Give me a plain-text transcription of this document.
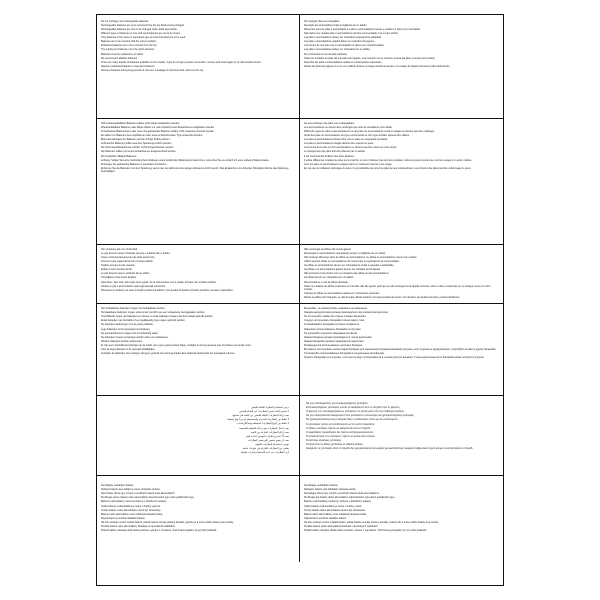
Do not recharge non-rechargeable batteries.

Rechargeable batteries are to be removed from the toy before being charged.

Rechargeable batteries are only to be charged under adult supervision.

Different types of batteries or new and used batteries are not to be mixed.

Only batteries of the same or equivalent type as recommended are to be used.

Batteries are to be inserted with the correct polarity.

Exhausted batteries are to be removed from the toy.

The supply terminals are not to be short-circuited.

Batteries must be replaced by an adult.

We recommend alkaline batteries.

There are many brands of batteries available on the market, if you do not get a proper connection, remove and insert again or try with another brand.

Dispose exhausted batteries in special containers.

Remove batteries during long periods of non-use. A leakage of corrosive fluid could ruin the toy.

No recargar pilas no recargables.

Recargar las acumuladores bajo la vigilancia de un adulto.

Diferentes tipos de pilas o acumuladores o pilas o acumuladores nuevos y usados no deben ser mezclados.

Sólo deben ser usadas pilas o acumuladores del tipo recomendado o de un tipo similar.

Las pilas o acumuladores deben ser colocados respetando la polaridad.

Las pilas y acumuladores usados deben ser retirados del juguete.

Los bornes de una pila o de un acumulador no deben ser cortocircuitados.

Las pilas o acumuladores deben ser colocados por un adulto.

Se recomienda el uso de pilas alcalinas.

Todos los modelos de pilas del mercado son iguales, si la conexión no es correcta, mueva las pilas o pruebe otro modelo.

Desechar las pilas o acumuladores usados en contenedores especiales.

Retirar las pilas del juguete si no se va a utilizar durante un largo periodo de tiempo. Un escape de líquido corrosivo podría deteriorarlo.

Nicht wiederaufladbare Batterien sollten nicht wieder aufgeladen werden.

Wiederaufladbare Batterien oder Akkus sollten nur unter Aufsicht eines Erwachsenen aufgeladen werden.

Verschiedene Batterietypen oder neue und gebrauchte Batterien sollten nicht zusammen benutzt werden.

Es sollten nur Batterien des empfohlenen oder eines entsprechenden Typs verwendet werden.

Bitte beim Einlegen der Batterien auf die richtige Polung achten.

Verbrauchte Batterien sollten aus dem Spielzeug entfernt werden.

Die Stromanschlüssklemmen dürfen nicht kurzgeschlossen werden.

Die Batterien sollten von einem Erwachsenen ausgewechselt werden.

Wir empfehlen Alkaline Batterien.

Achtung: Sollten Sie keine Verbindung beim Einlegen eines bestimmten Batterietyps bekommen, versuchen Sie es einfach mit einer anderen Batteriemarke.

Entsorgen Sie gebrauchte Batterien in speziellen Containern.

Entfernen Sie die Batterien von dem Spielzeug, wenn man sie während eines langen Zeitraums nicht benutzt. Das Entweichen von ätzender Flüssigkeit könnte das Spielzeug beschädigen.

Ne pas recharger des piles non rechargeables.

Les accumulateurs ne doivent être rechargés que sous la surveillance d'un adulte.

Différents types de piles ou accumulateurs ou des piles ou accumulateurs neufs et usagés ne doivent pas être mélangés.

Seuls des piles ou accumulateurs du type recommandé ou d'un type similaire doivent être utilisés.

Les piles et accumulateurs doivent être mis en place en respectant la polarité.

Les piles et accumulateurs usagés doivent être enlevés du jouet.

Les bornes d'une pile ou d'un accumulateur ne doivent pas être mises en court-circuit.

Le changement des piles doit être effectué par un adulte.

Il est recommandé d'utiliser des piles alcalines.

Il existe différentes modèles de piles sur le marché, si vous n'obtenez pas de bons résultats, retirez-les puis remettez-les, ou bien essayez un autre modèle.

Jeter les piles ou accumulateurs usagées dans un conteneur réservé à cet usage.

En cas de non utilisation prolongée du jouet, il est préférable de retirer les piles de leur compartiment. La corrosion des piles pourrait endommager le jouet.

Non ricaricare pile non ricaricabili.

Le pile devono essere ricaricate sempre e soltanto da un adulto.

Usare contemporaneamente pile dello stesso tipo.

Inserire le pile seguendo la loro corretta polarità.

Togliere sempre le pile esaurite.

Evitare il corto circuito dei fili.

Le pile devono essere sostituite da un adulto.

Consigliamo l'uso di pile alcaline.

Attenzione: Non tutti i tipi di pile sono uguali. Se la connessione non è esatta. Provare con un'altra modello.

Gettare le pile o accumulatori usati negli speciali contenitori.

Rimuovere le batterie nel caso di lunghi periodi di inutilizzo. Una perdita di liquido corrosivo potrebbe rovinare el giocattolo.

Não recarregar as pilhas não recarregáveis.

Recarregar os acumuladores respeitando sempre a vigilância de um adulto.

Não misturar diferentes tipos de pilhas ou acumuladores, ou pilhas ou acumuladores novos com usados.

Utilizar apenas pilhas ou acumuladores do mesmo tipo ou equivalente ao recomendado.

As pilhas ou acumuladores devem ser colocadas de modo a respeitar a polaridade.

As pilhas e os acumuladores gastos devem ser retirados do brinquedo.

Não provocar curto-circuito com os contactos das pilhas ou dos acumuladores.

As pilhas devem ser colocadas por um adulto.

Recomenda-se o uso de pilhas alcalinas.

Todos os modelos de pilhas existentes no mercado não são iguais, pelo que se não conseguir uma ligação correcta, retire e volte a colocá-las ou, se desejar, tente um outro modelo.

Coloque as pilhas ou acumuladores gastos em contentores especiais.

Retirar as pilhas do brinquedo, se não for para utilizar durante um longo período de tempo. Um derrame de líquido corrosivo, poderia danificá-lo.

Niet herlaadbare batterijen mogen niet herlaadbaar worden.

Herplaatsbare batterijen mogen enkel onder toezicht van een volwassene heropgeladen worden.

Verschillende types van batterijen en nieuwe en oude batterijen mogen niet door elkaar gebruikt worden.

Enkel batterijen van hetzelfde of een gelijkaardig type mogen gebruikt worden.

De batterijen aanbrengen met de juiste polariteit.

Lege batterijen uit het speelgoed verwijderen.

De aanvoerklemmen mogen niet in kortsluiting staan.

De batterijen moeten vervangen worden door een volwassene.

Alkaline batterijen worden aanbevolen.

Er zijn veel verschillende batterijen op de markt, als u geen goed contact krijgt, verwijder en breng opnieuw aan of probeer een ander merk.

Gooi de lege batterijen in de speciale afvalbakken.

Verwijder de batterijen als er langere tijd geen gebruik van wordt gemaakt. Een lekkende batterij kan het speelgoed ruïneren.

Батарейки - не аккумуляторы, взаряжать не запрещено.

Зарядка аккумуляторов должна производиться под присмотром взрослых.

Не используйте совместно старые и новые батарейки.

Следует использовать батарейки только одного типа.

Устанавливайте батарейки согласно полярности.

Извлеките использованные батарейки из игрушки.

Не допускайте короткого замыкания контактов.

Замена батареек должна производиться только взрослыми.

Замена батарейки должна производиться взрослым.

Рекомендуется использование щелочных батареек.

Вы можете использовать любые марки батареек для повышенного функционирования игрушки, если игрушка не функционирует, попробуйте вставить другие батарейки.

Утилизируйте использованные батарейки в специальных контейнерах.

Храните батарейки не в игрушке, если они не будут использоваться в течение долгого времени. Утечка едких веществ из батарейки может испортить игрушку.

يرجى استخدام البطارية القابلة للشحن

لا يسمح بإعادة شحن البطاريات غير القابلة للشحن

يجب إزالة البطاريات القابلة للشحن من اللعبة قبل شحنها

لا تخلط بين البطاريات الجديدة والمستعملة أو بين أنواع مختلفة

لا تخلط بين أنواع البطاريات المختلفة وفقاً للإرشادات

يجب إدخال البطاريات مع مراعاة القطبية الصحيحة

يجب إزالة البطاريات الفارغة من اللعبة

يجب ألا تتعرض أطراف التوصيل لدائرة قصر

يجب أن يقوم شخص بالغ بتغيير البطاريات

نوصي باستخدام البطاريات القلوية

تخلص من البطاريات الفارغة في حاويات خاصة

أزل البطاريات عند عدم الاستخدام لفترات طويلة

Να μην επαναφορτίζετε μη επαναφορτιζόμενες μπαταρίες.

Επαναφορτιζόμενες μπαταρίες πρέπει να αφαιρούνται από το παιχνίδι πριν τη φόρτιση.

Η φόρτιση των επαναφορτιζόμενων μπαταριών να γίνεται μόνο υπό την επίβλεψη ενηλίκου.

Να μην αναμιγνύονται διαφορετικοί τύποι μπαταριών ή καινούργιες και χρησιμοποιημένες μπαταρίες.

Να χρησιμοποιούνται μόνο μπαταρίες ίδιου ή ισοδύναμου τύπου με τον συνιστώμενο.

Οι μπαταρίες πρέπει να τοποθετούνται με τη σωστή πολικότητα.

Οι άδειες μπαταρίες πρέπει να αφαιρούνται από το παιχνίδι.

Οι ακροδέκτες τροφοδοσίας δεν πρέπει να βραχυκυκλώνονται.

Η αντικατάσταση των μπαταριών πρέπει να γίνεται από ενήλικα.

Συνιστούμε αλκαλικές μπαταρίες.

Απορρίπτετε τις άδειες μπαταρίες σε ειδικούς κάδους.

Αφαιρέστε τις μπαταρίες όταν το παιχνίδι δεν χρησιμοποιείται για μεγάλο χρονικό διάστημα. Διαρροή διαβρωτικού υγρού μπορεί να καταστρέψει το παιχνίδι.

Nenabíjejte nedobíjecí baterie.

Dobíjecí baterie jsou dobíjeny pouze dospělou osobou.

Nemíchejte různé typy nových a použitých baterií nebo akumulátorů.

Používejte pouze baterie nebo akumulátory doporučeného typu nebo podobného typu.

Baterie a akumulátory musí být vloženy s dodržením polarity.

Vybité baterie a akumulátory je nutné z hračky vyjmout.

Svorky baterie nebo akumulátoru nesmí být zkratovány.

Baterie nebo akumulátory musí instalovat dospělá osoba.

Doporučujeme používat alkalické baterie.

Na trhu existuje mnoho značek baterií, pokud baterie nemají správný kontakt, vyjměte je a znovu vložte baterie jiné značky.

Použité baterie nebo akumulátory likvidujte ve speciálních nádobách.

Pokud hračku nebudete delší dobu používat, vyjměte z ní baterie. Únik žíravé kapaliny by jej mohl poškodit.

Nenabíjajte nedobíjacie batérie.

Dobíjacie batérie pod dohľadom dospelej osoby.

Nemiešajte rôzne typy nových a použitých batérií alebo akumulátorov.

Používajte iba batérie alebo akumulátory odporúčaného typu alebo podobného typu.

Batérie a akumulátory musia byť vložené s dodržaním polarity.

Vybité batérie a akumulátory je nutné z hračky vybrať.

Svorky batérie alebo akumulátora nesmú byť skratované.

Batérie alebo akumulátory musí inštalovať dospelá osoba.

Odporúčame používať alkalické batérie.

Na trhu existuje mnoho značiek batérií, pokiaľ batérie nemajú správny kontakt, vyberte ich a znovu vložte batérie inej značky.

Použité batérie alebo akumulátory likvidujte v špeciálnych nádobách.

Pokiaľ hračku nebudete dlhšiu dobu používať, vyberte z nej batérie. Únik žieravej kvapaliny by ho mohol poškodiť.
